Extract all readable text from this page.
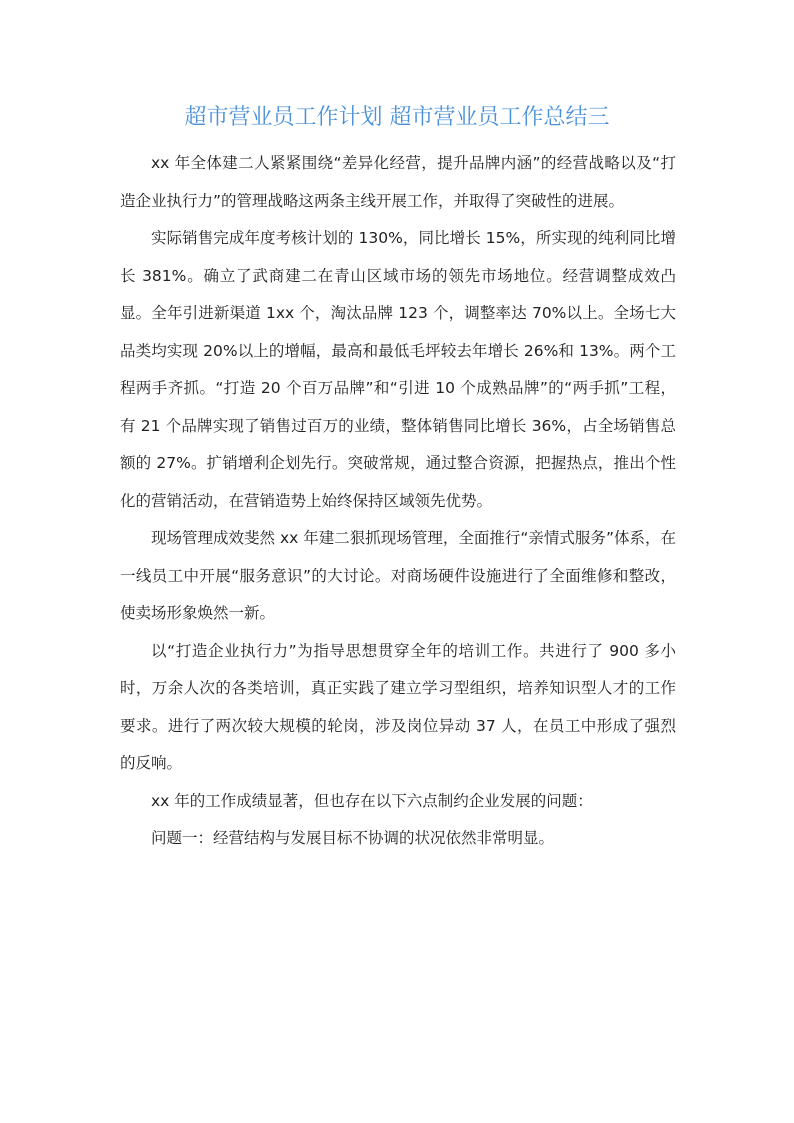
超市营业员工作计划 超市营业员工作总结三

xx 年全体建二人紧紧围绕“差异化经营，提升品牌内涵”的经营战略以及“打造企业执行力”的管理战略这两条主线开展工作，并取得了突破性的进展。

实际销售完成年度考核计划的 130%，同比增长 15%，所实现的纯利同比增长 381%。确立了武商建二在青山区域市场的领先市场地位。经营调整成效凸显。全年引进新渠道 1xx 个，淘汰品牌 123 个，调整率达 70%以上。全场七大品类均实现 20%以上的增幅，最高和最低毛坪较去年增长 26%和 13%。两个工程两手齐抓。“打造 20 个百万品牌”和“引进 10 个成熟品牌”的“两手抓”工程，有 21 个品牌实现了销售过百万的业绩，整体销售同比增长 36%，占全场销售总额的 27%。扩销增利企划先行。突破常规，通过整合资源，把握热点，推出个性化的营销活动，在营销造势上始终保持区域领先优势。

现场管理成效斐然 xx 年建二狠抓现场管理，全面推行“亲情式服务”体系，在一线员工中开展“服务意识”的大讨论。对商场硬件设施进行了全面维修和整改，使卖场形象焕然一新。

以“打造企业执行力”为指导思想贯穿全年的培训工作。共进行了 900 多小时，万余人次的各类培训，真正实践了建立学习型组织，培养知识型人才的工作要求。进行了两次较大规模的轮岗，涉及岗位异动 37 人，在员工中形成了强烈的反响。

xx 年的工作成绩显著，但也存在以下六点制约企业发展的问题：

问题一：经营结构与发展目标不协调的状况依然非常明显。
